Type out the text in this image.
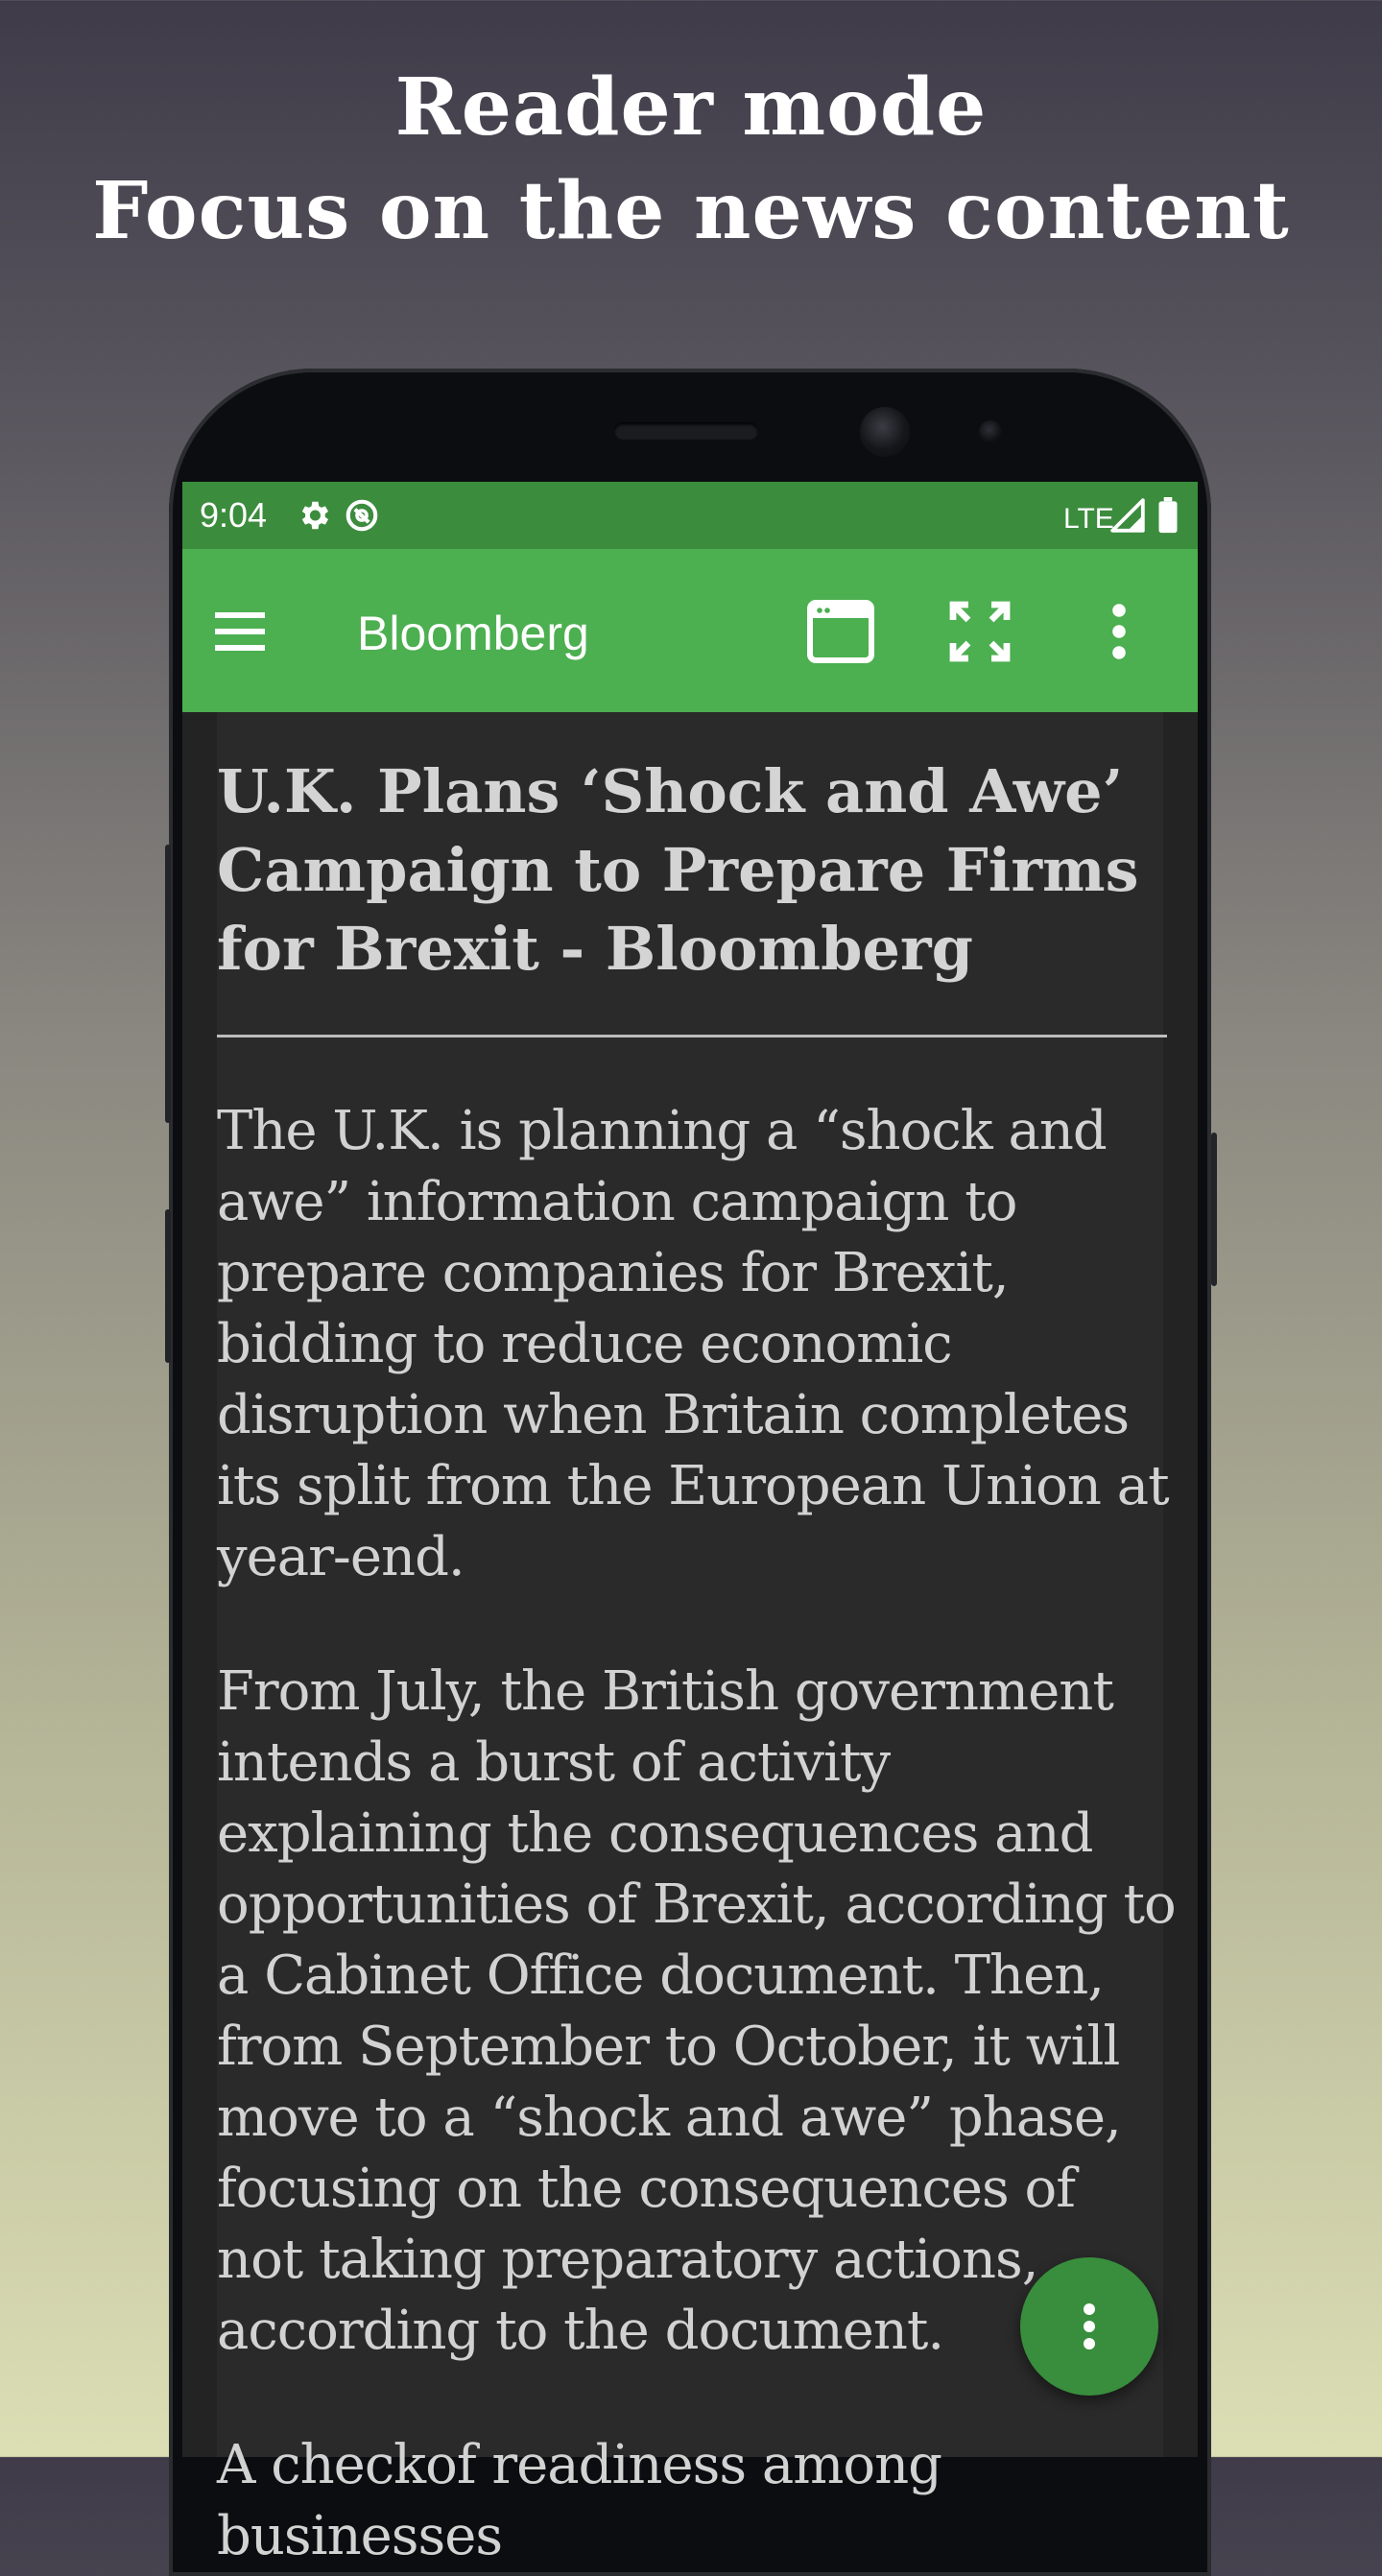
Reader mode
Focus on the news content
9:04	LTE
Bloomberg
U.K. Plans ‘Shock and Awe’ Campaign to Prepare Firms for Brexit - Bloomberg

The U.K. is planning a “shock and awe” information campaign to prepare companies for Brexit, bidding to reduce economic disruption when Britain completes its split from the European Union at year-end.

From July, the British government intends a burst of activity explaining the consequences and opportunities of Brexit, according to a Cabinet Office document. Then, from September to October, it will move to a “shock and awe” phase, focusing on the consequences of not taking preparatory actions, according to the document.

A checkof readiness among businesses
